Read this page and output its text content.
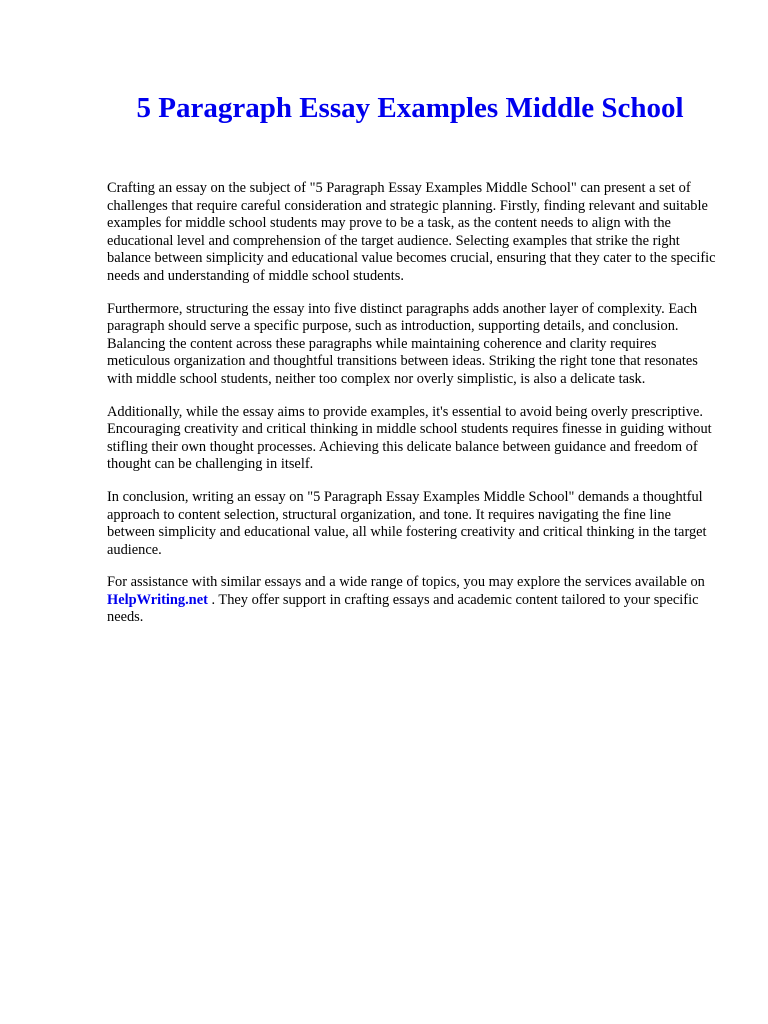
5 Paragraph Essay Examples Middle School

Crafting an essay on the subject of "5 Paragraph Essay Examples Middle School" can present a set of challenges that require careful consideration and strategic planning. Firstly, finding relevant and suitable examples for middle school students may prove to be a task, as the content needs to align with the educational level and comprehension of the target audience. Selecting examples that strike the right balance between simplicity and educational value becomes crucial, ensuring that they cater to the specific needs and understanding of middle school students.

Furthermore, structuring the essay into five distinct paragraphs adds another layer of complexity. Each paragraph should serve a specific purpose, such as introduction, supporting details, and conclusion. Balancing the content across these paragraphs while maintaining coherence and clarity requires meticulous organization and thoughtful transitions between ideas. Striking the right tone that resonates with middle school students, neither too complex nor overly simplistic, is also a delicate task.

Additionally, while the essay aims to provide examples, it's essential to avoid being overly prescriptive. Encouraging creativity and critical thinking in middle school students requires finesse in guiding without stifling their own thought processes. Achieving this delicate balance between guidance and freedom of thought can be challenging in itself.

In conclusion, writing an essay on "5 Paragraph Essay Examples Middle School" demands a thoughtful approach to content selection, structural organization, and tone. It requires navigating the fine line between simplicity and educational value, all while fostering creativity and critical thinking in the target audience.

For assistance with similar essays and a wide range of topics, you may explore the services available on HelpWriting.net . They offer support in crafting essays and academic content tailored to your specific needs.
